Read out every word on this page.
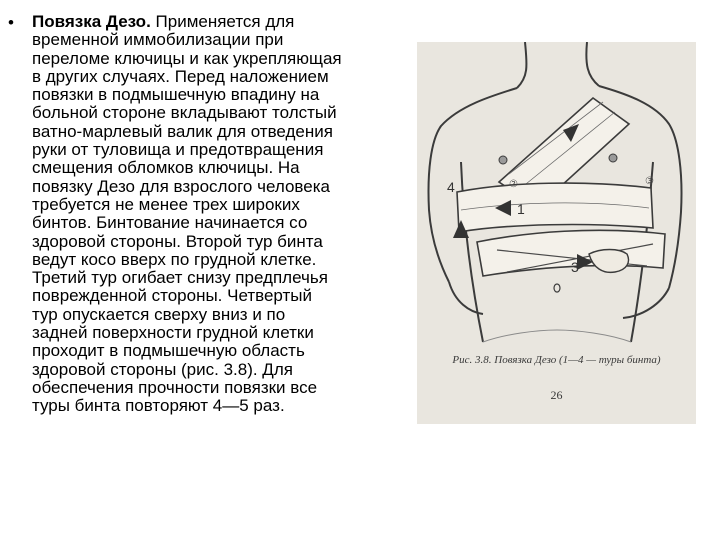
• Повязка Дезо. Применяется для
временной иммобилизации при
переломе ключицы и как укрепляющая
в других случаях. Перед наложением
повязки в подмышечную впадину на
больной стороне вкладывают толстый
ватно-марлевый валик для отведения
руки от туловища и предотвращения
смещения обломков ключицы. На
повязку Дезо для взрослого человека
требуется не менее трех широких
бинтов. Бинтование начинается со
здоровой стороны. Второй тур бинта
ведут косо вверх по грудной клетке.
Третий тур огибает снизу предплечья
поврежденной стороны. Четвертый
тур опускается сверху вниз и по
задней поверхности грудной клетки
проходит в подмышечную область
здоровой стороны (рис. 3.8). Для
обеспечения прочности повязки все
туры бинта повторяют 4—5 раз.
4
1
3
②	③
Рис. 3.8. Повязка Дезо (1—4 — туры бинта)
26
